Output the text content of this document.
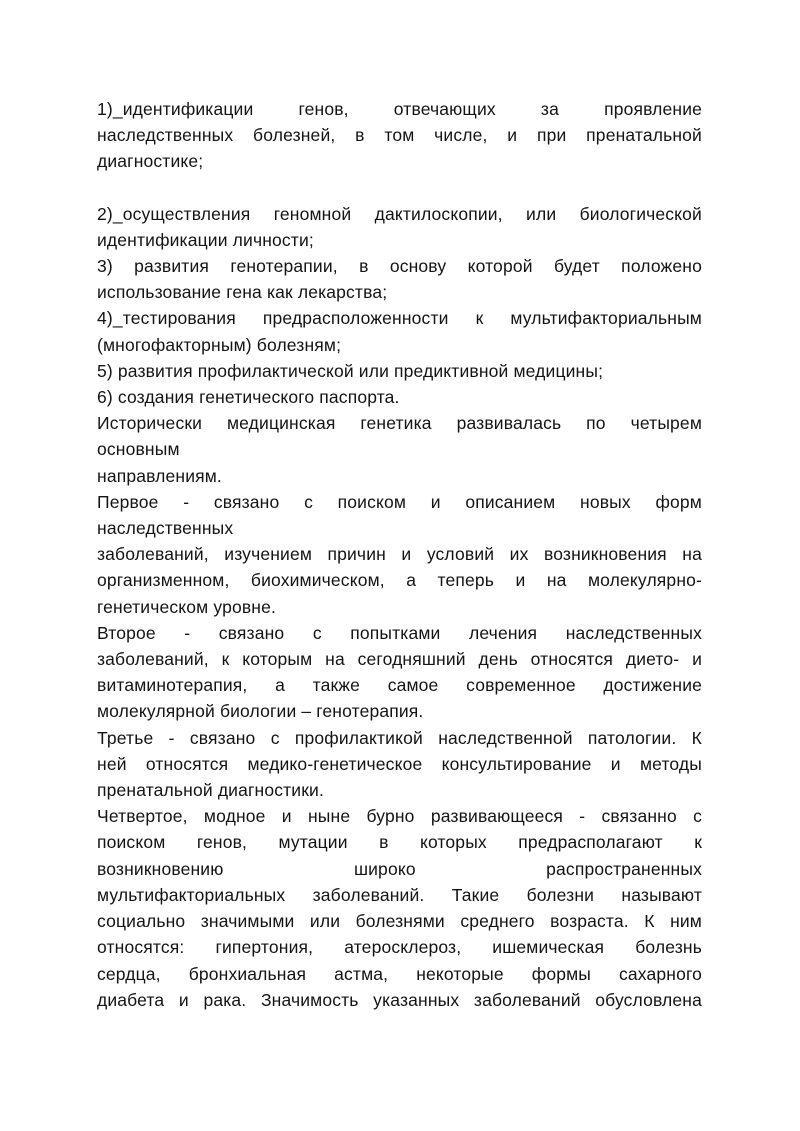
1)_идентификации генов, отвечающих за проявление
наследственных болезней, в том числе, и при пренатальной
диагностике;
2)_осуществления геномной дактилоскопии, или биологической
идентификации личности;
3) развития генотерапии, в основу которой будет положено
использование гена как лекарства;
4)_тестирования предрасположенности к мультифакториальным
(многофакторным) болезням;
5) развития профилактической или предиктивной медицины;
6) создания генетического паспорта.
Исторически медицинская генетика развивалась по четырем
основным
направлениям.
Первое - связано с поиском и описанием новых форм
наследственных
заболеваний, изучением причин и условий их возникновения на
организменном, биохимическом, а теперь и на молекулярно-
генетическом уровне.
Второе - связано с попытками лечения наследственных
заболеваний, к которым на сегодняшний день относятся дието- и
витаминотерапия, а также самое современное достижение
молекулярной биологии – генотерапия.
Третье - связано с профилактикой наследственной патологии. К
ней относятся медико-генетическое консультирование и методы
пренатальной диагностики.
Четвертое, модное и ныне бурно развивающееся - связанно с
поиском генов, мутации в которых предрасполагают к
возникновению широко распространенных
мультифакториальных заболеваний. Такие болезни называют
социально значимыми или болезнями среднего возраста. К ним
относятся: гипертония, атеросклероз, ишемическая болезнь
сердца, бронхиальная астма, некоторые формы сахарного
диабета и рака. Значимость указанных заболеваний обусловлена
